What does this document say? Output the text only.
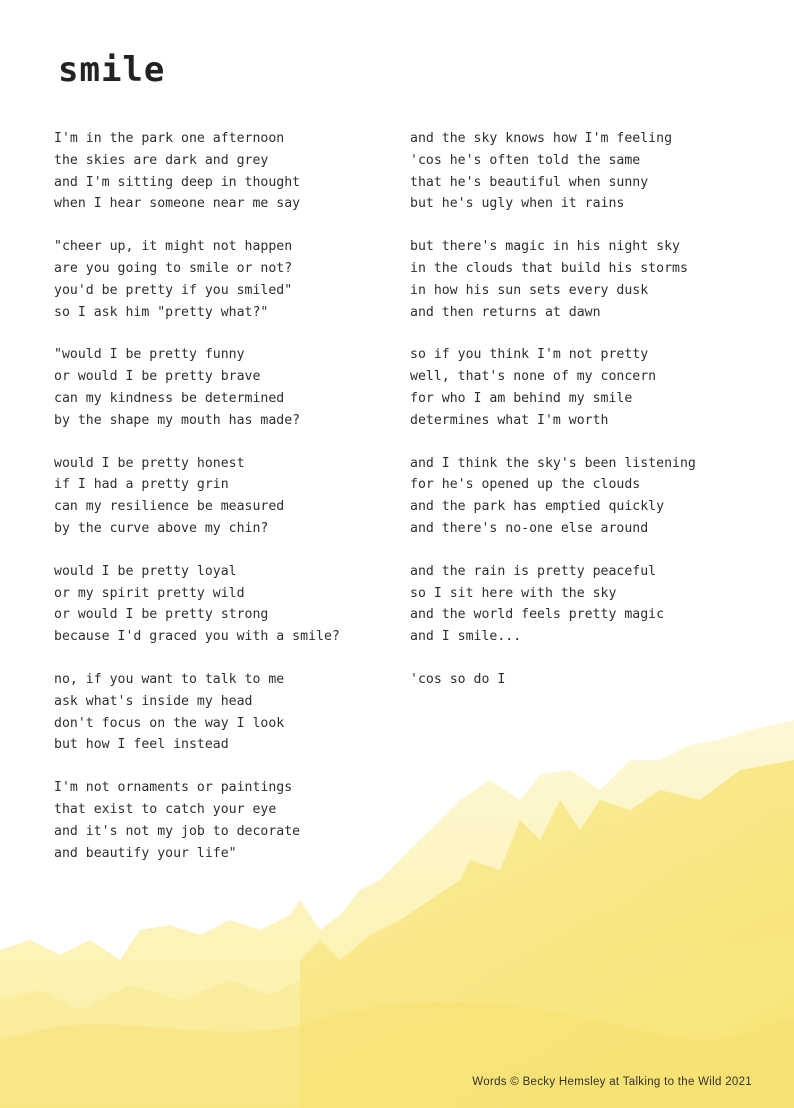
smile
I'm in the park one afternoon
the skies are dark and grey
and I'm sitting deep in thought
when I hear someone near me say
"cheer up, it might not happen
are you going to smile or not?
you'd be pretty if you smiled"
so I ask him "pretty what?"
"would I be pretty funny
or would I be pretty brave
can my kindness be determined
by the shape my mouth has made?
would I be pretty honest
if I had a pretty grin
can my resilience be measured
by the curve above my chin?
would I be pretty loyal
or my spirit pretty wild
or would I be pretty strong
because I'd graced you with a smile?
no, if you want to talk to me
ask what's inside my head
don't focus on the way I look
but how I feel instead
I'm not ornaments or paintings
that exist to catch your eye
and it's not my job to decorate
and beautify your life"
and the sky knows how I'm feeling
'cos he's often told the same
that he's beautiful when sunny
but he's ugly when it rains
but there's magic in his night sky
in the clouds that build his storms
in how his sun sets every dusk
and then returns at dawn
so if you think I'm not pretty
well, that's none of my concern
for who I am behind my smile
determines what I'm worth
and I think the sky's been listening
for he's opened up the clouds
and the park has emptied quickly
and there's no-one else around
and the rain is pretty peaceful
so I sit here with the sky
and the world feels pretty magic
and I smile...
'cos so do I
Words © Becky Hemsley at Talking to the Wild 2021
